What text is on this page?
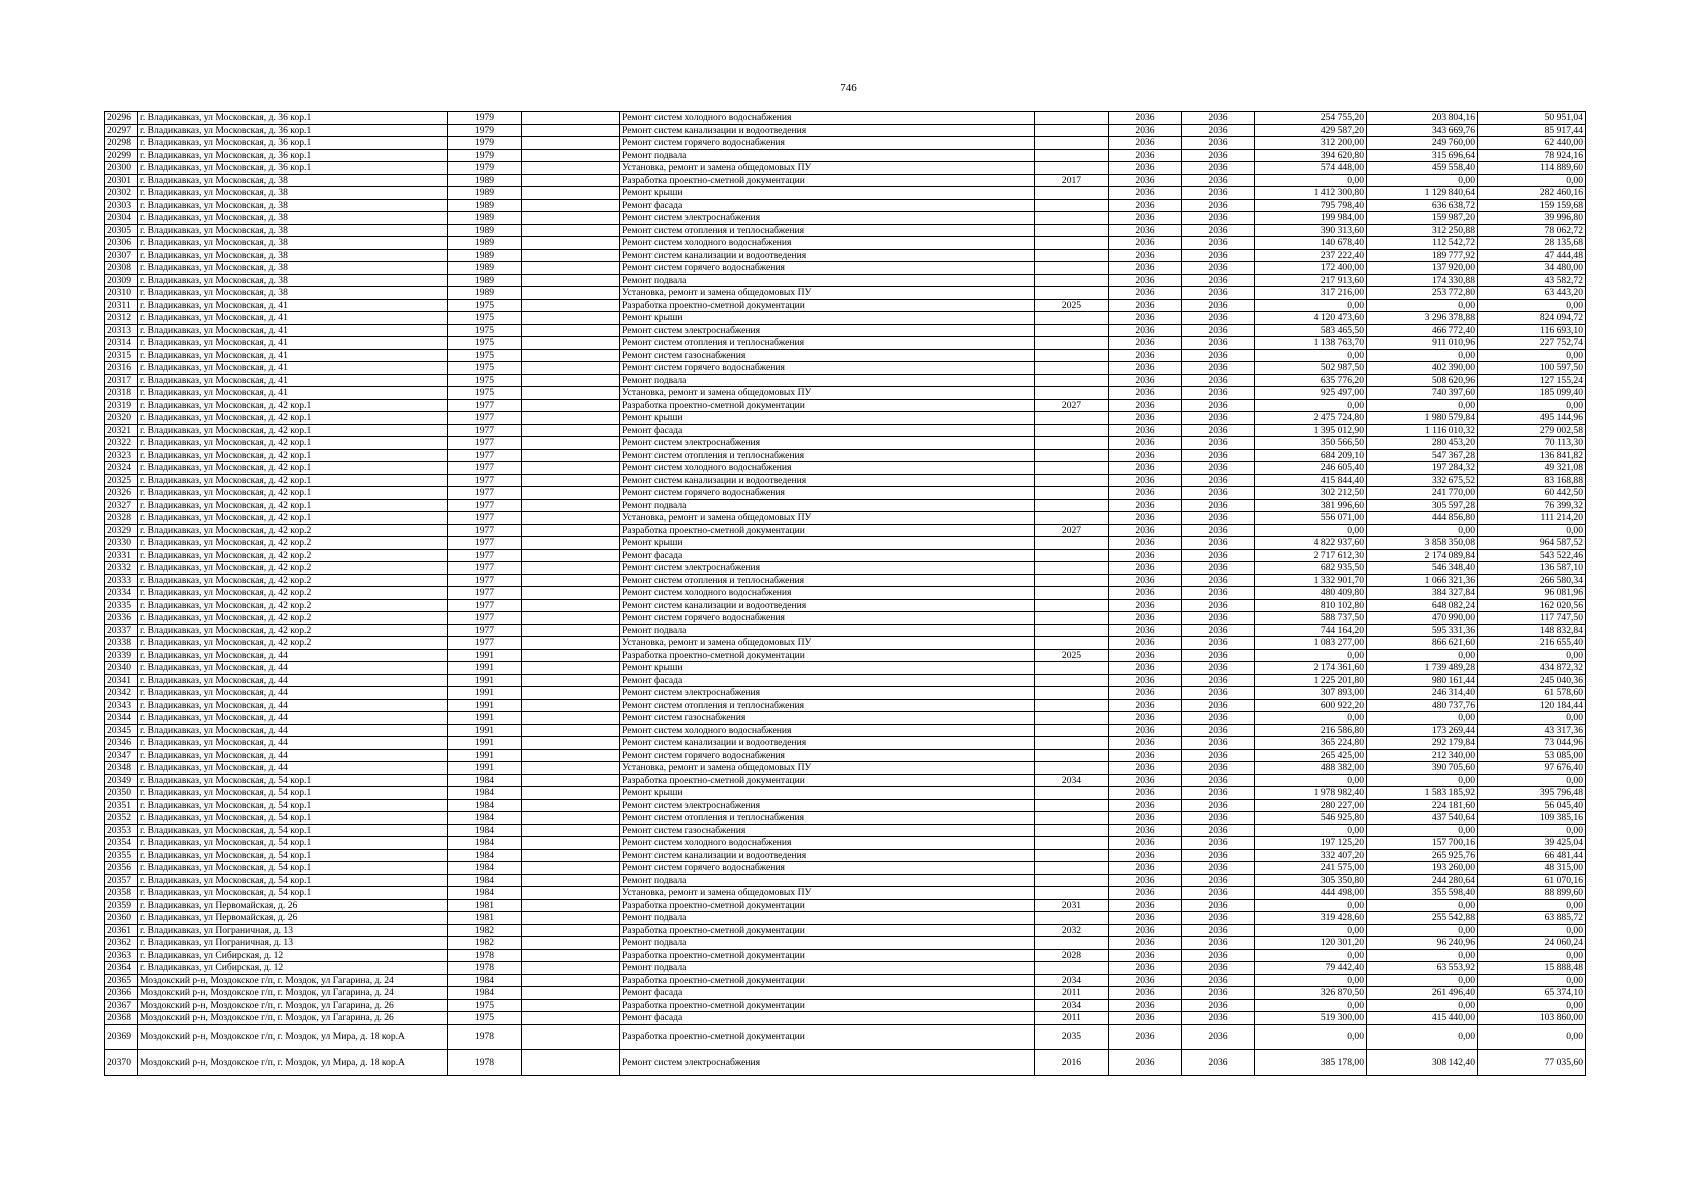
746
20296	г. Владикавказ, ул Московская, д. 36 кор.1	1979		Ремонт систем холодного водоснабжения		2036	2036	254 755,20	203 804,16	50 951,04
20297	г. Владикавказ, ул Московская, д. 36 кор.1	1979		Ремонт систем канализации и водоотведения		2036	2036	429 587,20	343 669,76	85 917,44
20298	г. Владикавказ, ул Московская, д. 36 кор.1	1979		Ремонт систем горячего водоснабжения		2036	2036	312 200,00	249 760,00	62 440,00
20299	г. Владикавказ, ул Московская, д. 36 кор.1	1979		Ремонт подвала		2036	2036	394 620,80	315 696,64	78 924,16
20300	г. Владикавказ, ул Московская, д. 36 кор.1	1979		Установка, ремонт и замена общедомовых ПУ		2036	2036	574 448,00	459 558,40	114 889,60
20301	г. Владикавказ, ул Московская, д. 38	1989		Разработка проектно-сметной документации	2017	2036	2036	0,00	0,00	0,00
20302	г. Владикавказ, ул Московская, д. 38	1989		Ремонт крыши		2036	2036	1 412 300,80	1 129 840,64	282 460,16
20303	г. Владикавказ, ул Московская, д. 38	1989		Ремонт фасада		2036	2036	795 798,40	636 638,72	159 159,68
20304	г. Владикавказ, ул Московская, д. 38	1989		Ремонт систем электроснабжения		2036	2036	199 984,00	159 987,20	39 996,80
20305	г. Владикавказ, ул Московская, д. 38	1989		Ремонт систем отопления и теплоснабжения		2036	2036	390 313,60	312 250,88	78 062,72
20306	г. Владикавказ, ул Московская, д. 38	1989		Ремонт систем холодного водоснабжения		2036	2036	140 678,40	112 542,72	28 135,68
20307	г. Владикавказ, ул Московская, д. 38	1989		Ремонт систем канализации и водоотведения		2036	2036	237 222,40	189 777,92	47 444,48
20308	г. Владикавказ, ул Московская, д. 38	1989		Ремонт систем горячего водоснабжения		2036	2036	172 400,00	137 920,00	34 480,00
20309	г. Владикавказ, ул Московская, д. 38	1989		Ремонт подвала		2036	2036	217 913,60	174 330,88	43 582,72
20310	г. Владикавказ, ул Московская, д. 38	1989		Установка, ремонт и замена общедомовых ПУ		2036	2036	317 216,00	253 772,80	63 443,20
20311	г. Владикавказ, ул Московская, д. 41	1975		Разработка проектно-сметной документации	2025	2036	2036	0,00	0,00	0,00
20312	г. Владикавказ, ул Московская, д. 41	1975		Ремонт крыши		2036	2036	4 120 473,60	3 296 378,88	824 094,72
20313	г. Владикавказ, ул Московская, д. 41	1975		Ремонт систем электроснабжения		2036	2036	583 465,50	466 772,40	116 693,10
20314	г. Владикавказ, ул Московская, д. 41	1975		Ремонт систем отопления и теплоснабжения		2036	2036	1 138 763,70	911 010,96	227 752,74
20315	г. Владикавказ, ул Московская, д. 41	1975		Ремонт систем газоснабжения		2036	2036	0,00	0,00	0,00
20316	г. Владикавказ, ул Московская, д. 41	1975		Ремонт систем горячего водоснабжения		2036	2036	502 987,50	402 390,00	100 597,50
20317	г. Владикавказ, ул Московская, д. 41	1975		Ремонт подвала		2036	2036	635 776,20	508 620,96	127 155,24
20318	г. Владикавказ, ул Московская, д. 41	1975		Установка, ремонт и замена общедомовых ПУ		2036	2036	925 497,00	740 397,60	185 099,40
20319	г. Владикавказ, ул Московская, д. 42 кор.1	1977		Разработка проектно-сметной документации	2027	2036	2036	0,00	0,00	0,00
20320	г. Владикавказ, ул Московская, д. 42 кор.1	1977		Ремонт крыши		2036	2036	2 475 724,80	1 980 579,84	495 144,96
20321	г. Владикавказ, ул Московская, д. 42 кор.1	1977		Ремонт фасада		2036	2036	1 395 012,90	1 116 010,32	279 002,58
20322	г. Владикавказ, ул Московская, д. 42 кор.1	1977		Ремонт систем электроснабжения		2036	2036	350 566,50	280 453,20	70 113,30
20323	г. Владикавказ, ул Московская, д. 42 кор.1	1977		Ремонт систем отопления и теплоснабжения		2036	2036	684 209,10	547 367,28	136 841,82
20324	г. Владикавказ, ул Московская, д. 42 кор.1	1977		Ремонт систем холодного водоснабжения		2036	2036	246 605,40	197 284,32	49 321,08
20325	г. Владикавказ, ул Московская, д. 42 кор.1	1977		Ремонт систем канализации и водоотведения		2036	2036	415 844,40	332 675,52	83 168,88
20326	г. Владикавказ, ул Московская, д. 42 кор.1	1977		Ремонт систем горячего водоснабжения		2036	2036	302 212,50	241 770,00	60 442,50
20327	г. Владикавказ, ул Московская, д. 42 кор.1	1977		Ремонт подвала		2036	2036	381 996,60	305 597,28	76 399,32
20328	г. Владикавказ, ул Московская, д. 42 кор.1	1977		Установка, ремонт и замена общедомовых ПУ		2036	2036	556 071,00	444 856,80	111 214,20
20329	г. Владикавказ, ул Московская, д. 42 кор.2	1977		Разработка проектно-сметной документации	2027	2036	2036	0,00	0,00	0,00
20330	г. Владикавказ, ул Московская, д. 42 кор.2	1977		Ремонт крыши		2036	2036	4 822 937,60	3 858 350,08	964 587,52
20331	г. Владикавказ, ул Московская, д. 42 кор.2	1977		Ремонт фасада		2036	2036	2 717 612,30	2 174 089,84	543 522,46
20332	г. Владикавказ, ул Московская, д. 42 кор.2	1977		Ремонт систем электроснабжения		2036	2036	682 935,50	546 348,40	136 587,10
20333	г. Владикавказ, ул Московская, д. 42 кор.2	1977		Ремонт систем отопления и теплоснабжения		2036	2036	1 332 901,70	1 066 321,36	266 580,34
20334	г. Владикавказ, ул Московская, д. 42 кор.2	1977		Ремонт систем холодного водоснабжения		2036	2036	480 409,80	384 327,84	96 081,96
20335	г. Владикавказ, ул Московская, д. 42 кор.2	1977		Ремонт систем канализации и водоотведения		2036	2036	810 102,80	648 082,24	162 020,56
20336	г. Владикавказ, ул Московская, д. 42 кор.2	1977		Ремонт систем горячего водоснабжения		2036	2036	588 737,50	470 990,00	117 747,50
20337	г. Владикавказ, ул Московская, д. 42 кор.2	1977		Ремонт подвала		2036	2036	744 164,20	595 331,36	148 832,84
20338	г. Владикавказ, ул Московская, д. 42 кор.2	1977		Установка, ремонт и замена общедомовых ПУ		2036	2036	1 083 277,00	866 621,60	216 655,40
20339	г. Владикавказ, ул Московская, д. 44	1991		Разработка проектно-сметной документации	2025	2036	2036	0,00	0,00	0,00
20340	г. Владикавказ, ул Московская, д. 44	1991		Ремонт крыши		2036	2036	2 174 361,60	1 739 489,28	434 872,32
20341	г. Владикавказ, ул Московская, д. 44	1991		Ремонт фасада		2036	2036	1 225 201,80	980 161,44	245 040,36
20342	г. Владикавказ, ул Московская, д. 44	1991		Ремонт систем электроснабжения		2036	2036	307 893,00	246 314,40	61 578,60
20343	г. Владикавказ, ул Московская, д. 44	1991		Ремонт систем отопления и теплоснабжения		2036	2036	600 922,20	480 737,76	120 184,44
20344	г. Владикавказ, ул Московская, д. 44	1991		Ремонт систем газоснабжения		2036	2036	0,00	0,00	0,00
20345	г. Владикавказ, ул Московская, д. 44	1991		Ремонт систем холодного водоснабжения		2036	2036	216 586,80	173 269,44	43 317,36
20346	г. Владикавказ, ул Московская, д. 44	1991		Ремонт систем канализации и водоотведения		2036	2036	365 224,80	292 179,84	73 044,96
20347	г. Владикавказ, ул Московская, д. 44	1991		Ремонт систем горячего водоснабжения		2036	2036	265 425,00	212 340,00	53 085,00
20348	г. Владикавказ, ул Московская, д. 44	1991		Установка, ремонт и замена общедомовых ПУ		2036	2036	488 382,00	390 705,60	97 676,40
20349	г. Владикавказ, ул Московская, д. 54 кор.1	1984		Разработка проектно-сметной документации	2034	2036	2036	0,00	0,00	0,00
20350	г. Владикавказ, ул Московская, д. 54 кор.1	1984		Ремонт крыши		2036	2036	1 978 982,40	1 583 185,92	395 796,48
20351	г. Владикавказ, ул Московская, д. 54 кор.1	1984		Ремонт систем электроснабжения		2036	2036	280 227,00	224 181,60	56 045,40
20352	г. Владикавказ, ул Московская, д. 54 кор.1	1984		Ремонт систем отопления и теплоснабжения		2036	2036	546 925,80	437 540,64	109 385,16
20353	г. Владикавказ, ул Московская, д. 54 кор.1	1984		Ремонт систем газоснабжения		2036	2036	0,00	0,00	0,00
20354	г. Владикавказ, ул Московская, д. 54 кор.1	1984		Ремонт систем холодного водоснабжения		2036	2036	197 125,20	157 700,16	39 425,04
20355	г. Владикавказ, ул Московская, д. 54 кор.1	1984		Ремонт систем канализации и водоотведения		2036	2036	332 407,20	265 925,76	66 481,44
20356	г. Владикавказ, ул Московская, д. 54 кор.1	1984		Ремонт систем горячего водоснабжения		2036	2036	241 575,00	193 260,00	48 315,00
20357	г. Владикавказ, ул Московская, д. 54 кор.1	1984		Ремонт подвала		2036	2036	305 350,80	244 280,64	61 070,16
20358	г. Владикавказ, ул Московская, д. 54 кор.1	1984		Установка, ремонт и замена общедомовых ПУ		2036	2036	444 498,00	355 598,40	88 899,60
20359	г. Владикавказ, ул Первомайская, д. 26	1981		Разработка проектно-сметной документации	2031	2036	2036	0,00	0,00	0,00
20360	г. Владикавказ, ул Первомайская, д. 26	1981		Ремонт подвала		2036	2036	319 428,60	255 542,88	63 885,72
20361	г. Владикавказ, ул Пограничная, д. 13	1982		Разработка проектно-сметной документации	2032	2036	2036	0,00	0,00	0,00
20362	г. Владикавказ, ул Пограничная, д. 13	1982		Ремонт подвала		2036	2036	120 301,20	96 240,96	24 060,24
20363	г. Владикавказ, ул Сибирская, д. 12	1978		Разработка проектно-сметной документации	2028	2036	2036	0,00	0,00	0,00
20364	г. Владикавказ, ул Сибирская, д. 12	1978		Ремонт подвала		2036	2036	79 442,40	63 553,92	15 888,48
20365	Моздокский р-н, Моздокское г/п, г. Моздок, ул Гагарина, д. 24	1984		Разработка проектно-сметной документации	2034	2036	2036	0,00	0,00	0,00
20366	Моздокский р-н, Моздокское г/п, г. Моздок, ул Гагарина, д. 24	1984		Ремонт фасада	2011	2036	2036	326 870,50	261 496,40	65 374,10
20367	Моздокский р-н, Моздокское г/п, г. Моздок, ул Гагарина, д. 26	1975		Разработка проектно-сметной документации	2034	2036	2036	0,00	0,00	0,00
20368	Моздокский р-н, Моздокское г/п, г. Моздок, ул Гагарина, д. 26	1975		Ремонт фасада	2011	2036	2036	519 300,00	415 440,00	103 860,00
20369	Моздокский р-н, Моздокское г/п, г. Моздок, ул Мира, д. 18 кор.А	1978		Разработка проектно-сметной документации	2035	2036	2036	0,00	0,00	0,00
20370	Моздокский р-н, Моздокское г/п, г. Моздок, ул Мира, д. 18 кор.А	1978		Ремонт систем электроснабжения	2016	2036	2036	385 178,00	308 142,40	77 035,60
